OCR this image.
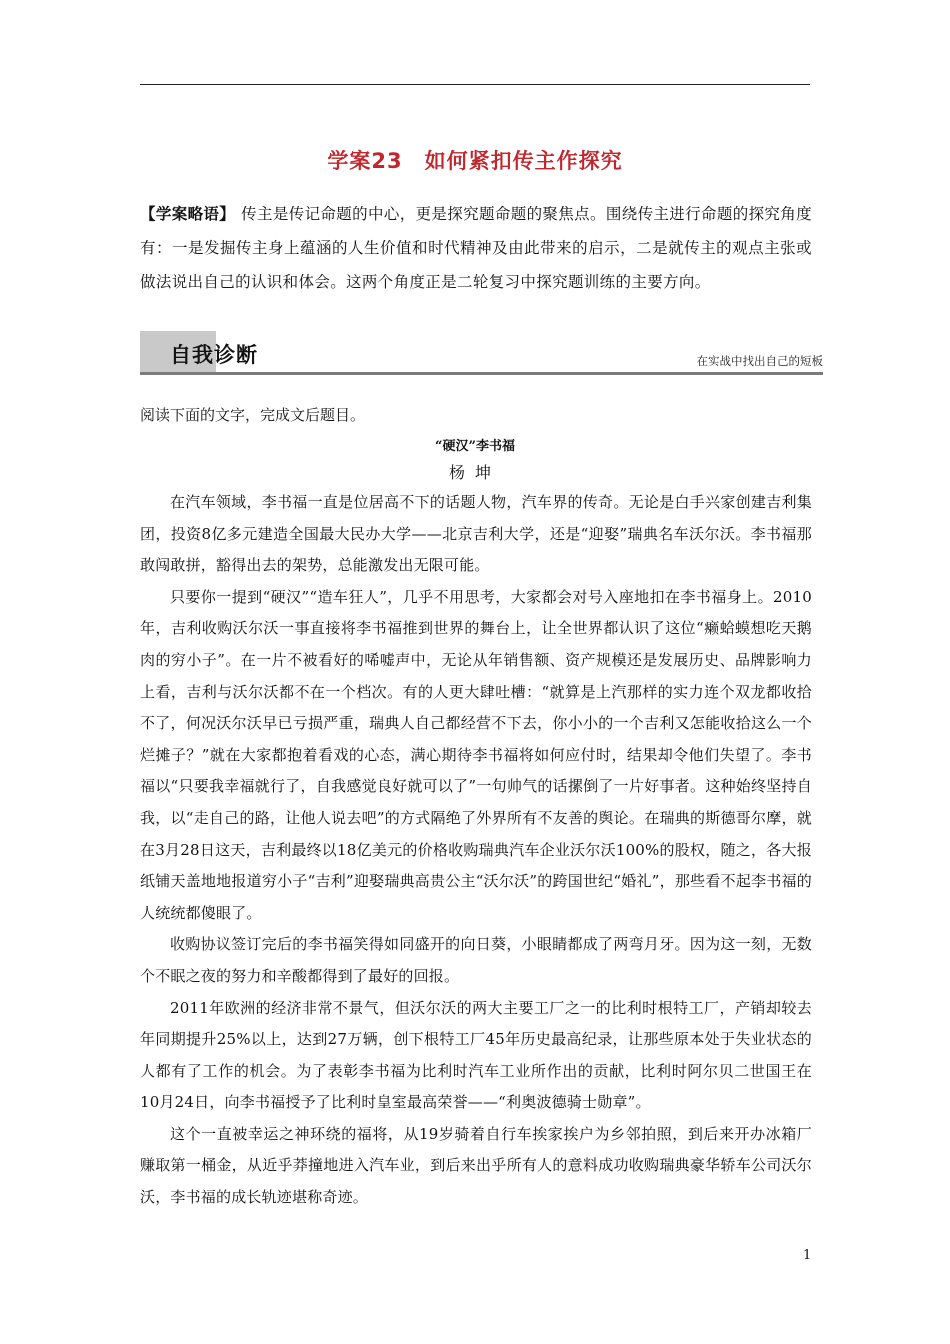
学案23 如何紧扣传主作探究
【学案略语】 传主是传记命题的中心，更是探究题命题的聚焦点。围绕传主进行命题的探究角度有：一是发掘传主身上蕴涵的人生价值和时代精神及由此带来的启示，二是就传主的观点主张或做法说出自己的认识和体会。这两个角度正是二轮复习中探究题训练的主要方向。
自我诊断	在实战中找出自己的短板
阅读下面的文字，完成文后题目。
“硬汉”李书福
杨坤

在汽车领域，李书福一直是位居高不下的话题人物，汽车界的传奇。无论是白手兴家创建吉利集团，投资8亿多元建造全国最大民办大学——北京吉利大学，还是“迎娶”瑞典名车沃尔沃。李书福那敢闯敢拼，豁得出去的架势，总能激发出无限可能。

只要你一提到“硬汉”“造车狂人”，几乎不用思考，大家都会对号入座地扣在李书福身上。2010年，吉利收购沃尔沃一事直接将李书福推到世界的舞台上，让全世界都认识了这位“癞蛤蟆想吃天鹅肉的穷小子”。在一片不被看好的唏嘘声中，无论从年销售额、资产规模还是发展历史、品牌影响力上看，吉利与沃尔沃都不在一个档次。有的人更大肆吐槽：“就算是上汽那样的实力连个双龙都收拾不了，何况沃尔沃早已亏损严重，瑞典人自己都经营不下去，你小小的一个吉利又怎能收拾这么一个烂摊子？”就在大家都抱着看戏的心态，满心期待李书福将如何应付时，结果却令他们失望了。李书福以“只要我幸福就行了，自我感觉良好就可以了”一句帅气的话摞倒了一片好事者。这种始终坚持自我，以“走自己的路，让他人说去吧”的方式隔绝了外界所有不友善的舆论。在瑞典的斯德哥尔摩，就在3月28日这天，吉利最终以18亿美元的价格收购瑞典汽车企业沃尔沃100%的股权，随之，各大报纸铺天盖地地报道穷小子“吉利”迎娶瑞典高贵公主“沃尔沃”的跨国世纪“婚礼”，那些看不起李书福的人统统都傻眼了。

收购协议签订完后的李书福笑得如同盛开的向日葵，小眼睛都成了两弯月牙。因为这一刻，无数个不眠之夜的努力和辛酸都得到了最好的回报。

2011年欧洲的经济非常不景气，但沃尔沃的两大主要工厂之一的比利时根特工厂，产销却较去年同期提升25%以上，达到27万辆，创下根特工厂45年历史最高纪录，让那些原本处于失业状态的人都有了工作的机会。为了表彰李书福为比利时汽车工业所作出的贡献，比利时阿尔贝二世国王在10月24日，向李书福授予了比利时皇室最高荣誉——“利奥波德骑士勋章”。

这个一直被幸运之神环绕的福将，从19岁骑着自行车挨家挨户为乡邻拍照，到后来开办冰箱厂赚取第一桶金，从近乎莽撞地进入汽车业，到后来出乎所有人的意料成功收购瑞典豪华轿车公司沃尔沃，李书福的成长轨迹堪称奇迹。

1
